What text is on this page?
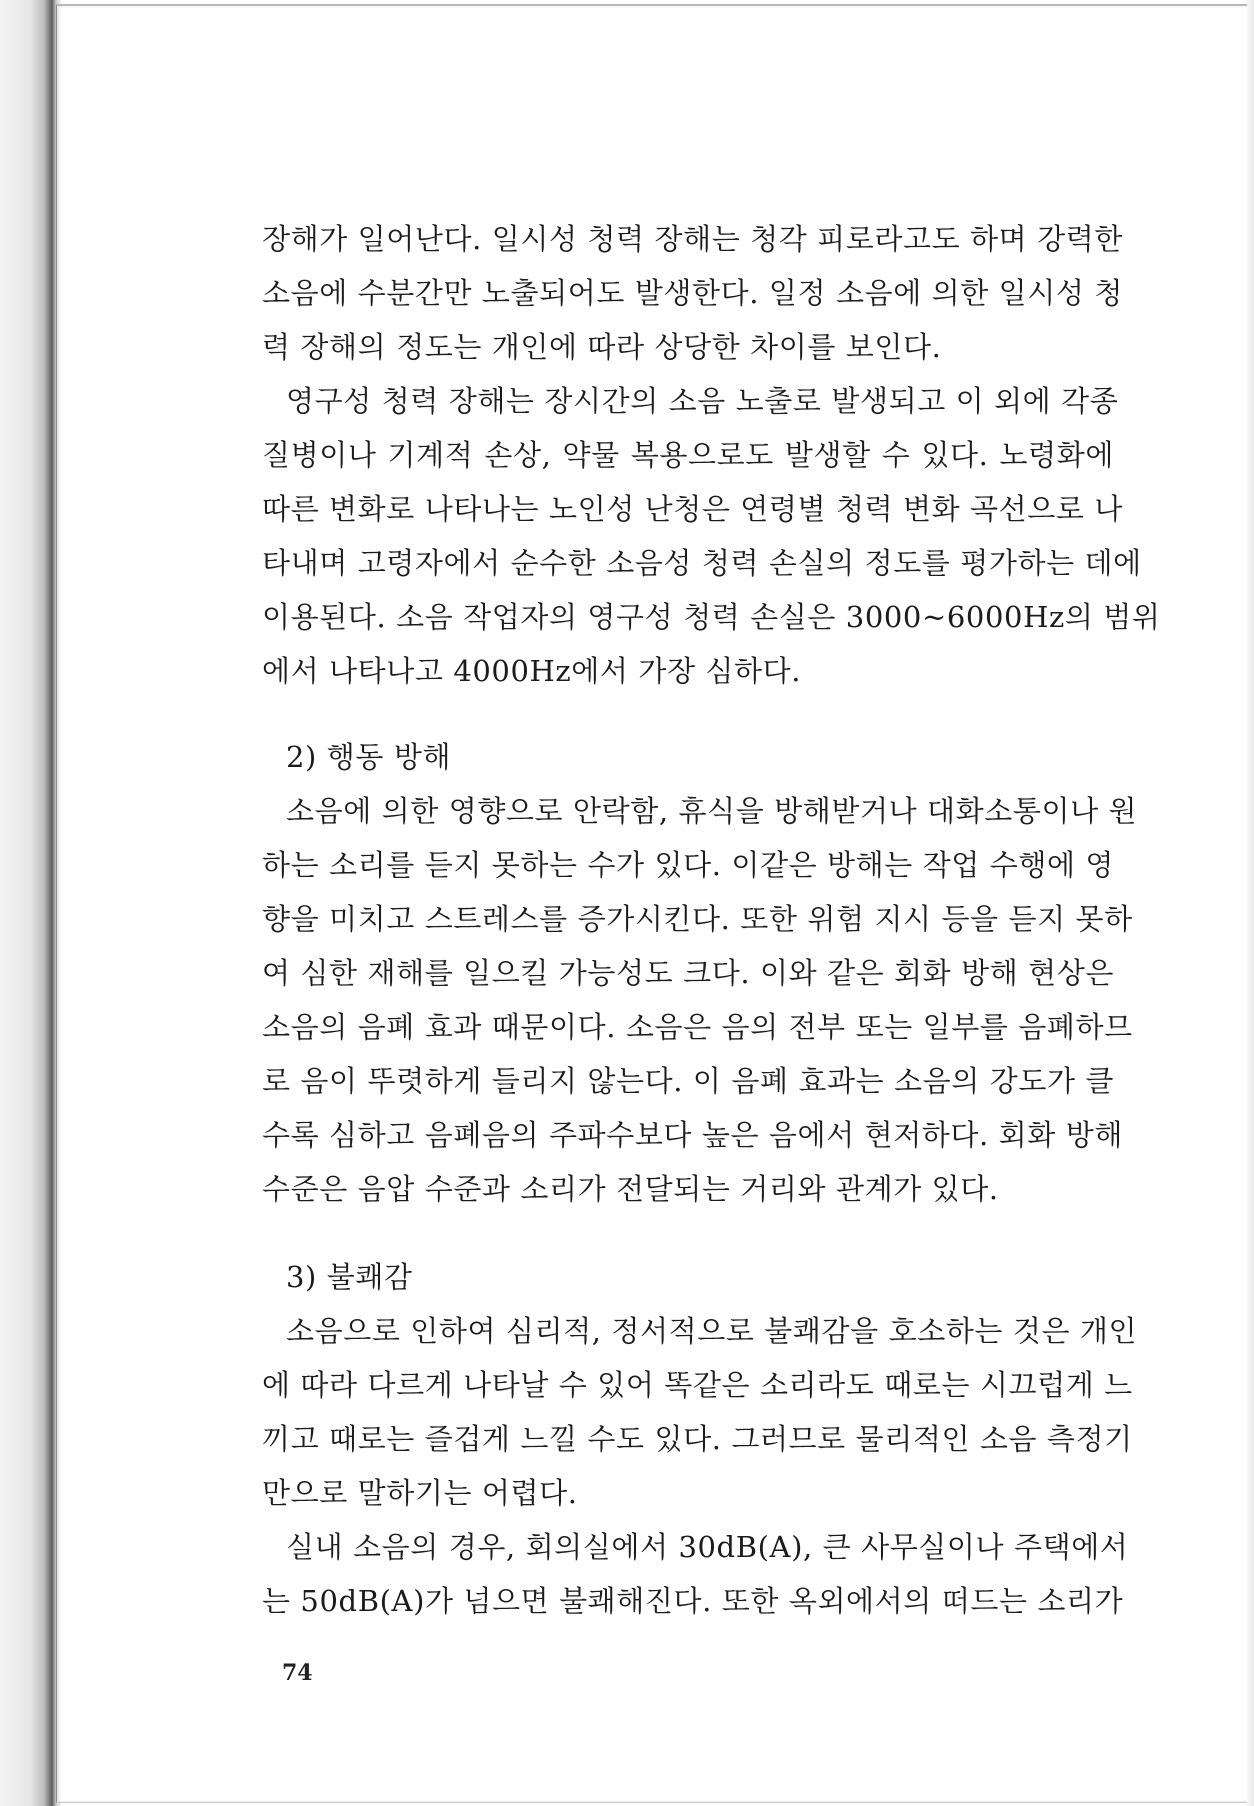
장해가 일어난다. 일시성 청력 장해는 청각 피로라고도 하며 강력한
소음에 수분간만 노출되어도 발생한다. 일정 소음에 의한 일시성 청
력 장해의 정도는 개인에 따라 상당한 차이를 보인다.
영구성 청력 장해는 장시간의 소음 노출로 발생되고 이 외에 각종
질병이나 기계적 손상, 약물 복용으로도 발생할 수 있다. 노령화에
따른 변화로 나타나는 노인성 난청은 연령별 청력 변화 곡선으로 나
타내며 고령자에서 순수한 소음성 청력 손실의 정도를 평가하는 데에
이용된다. 소음 작업자의 영구성 청력 손실은 3000~6000Hz의 범위
에서 나타나고 4000Hz에서 가장 심하다.
2) 행동 방해
소음에 의한 영향으로 안락함, 휴식을 방해받거나 대화소통이나 원
하는 소리를 듣지 못하는 수가 있다. 이같은 방해는 작업 수행에 영
향을 미치고 스트레스를 증가시킨다. 또한 위험 지시 등을 듣지 못하
여 심한 재해를 일으킬 가능성도 크다. 이와 같은 회화 방해 현상은
소음의 음폐 효과 때문이다. 소음은 음의 전부 또는 일부를 음폐하므
로 음이 뚜렷하게 들리지 않는다. 이 음폐 효과는 소음의 강도가 클
수록 심하고 음폐음의 주파수보다 높은 음에서 현저하다. 회화 방해
수준은 음압 수준과 소리가 전달되는 거리와 관계가 있다.
3) 불쾌감
소음으로 인하여 심리적, 정서적으로 불쾌감을 호소하는 것은 개인
에 따라 다르게 나타날 수 있어 똑같은 소리라도 때로는 시끄럽게 느
끼고 때로는 즐겁게 느낄 수도 있다. 그러므로 물리적인 소음 측정기
만으로 말하기는 어렵다.
실내 소음의 경우, 회의실에서 30dB(A), 큰 사무실이나 주택에서
는 50dB(A)가 넘으면 불쾌해진다. 또한 옥외에서의 떠드는 소리가
74
